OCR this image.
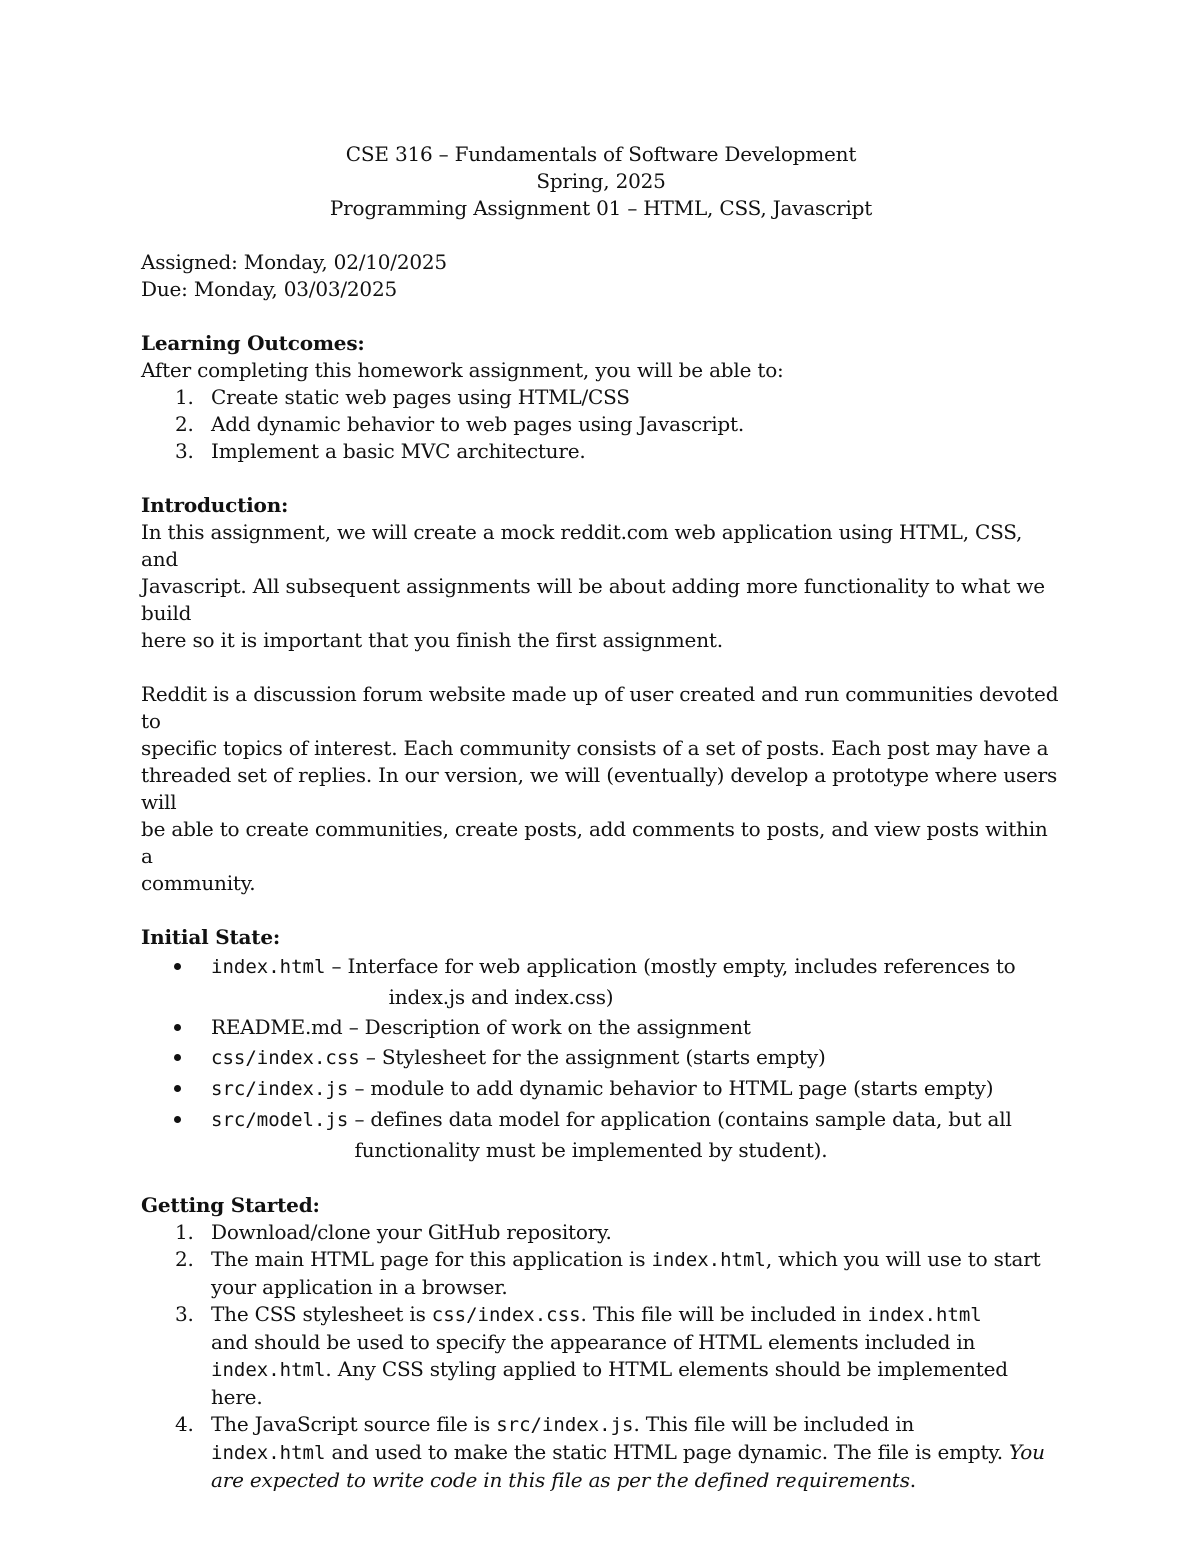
CSE 316 – Fundamentals of Software Development
Spring, 2025
Programming Assignment 01 – HTML, CSS, Javascript
Assigned: Monday, 02/10/2025
Due: Monday, 03/03/2025
Learning Outcomes:
After completing this homework assignment, you will be able to:
1. Create static web pages using HTML/CSS
2. Add dynamic behavior to web pages using Javascript.
3. Implement a basic MVC architecture.
Introduction:
In this assignment, we will create a mock reddit.com web application using HTML, CSS, and
Javascript. All subsequent assignments will be about adding more functionality to what we build
here so it is important that you finish the first assignment.
Reddit is a discussion forum website made up of user created and run communities devoted to
specific topics of interest. Each community consists of a set of posts. Each post may have a
threaded set of replies. In our version, we will (eventually) develop a prototype where users will
be able to create communities, create posts, add comments to posts, and view posts within a
community.
Initial State:
index.html – Interface for web application (mostly empty, includes references to
index.js and index.css)
README.md – Description of work on the assignment
css/index.css – Stylesheet for the assignment (starts empty)
src/index.js – module to add dynamic behavior to HTML page (starts empty)
src/model.js – defines data model for application (contains sample data, but all
functionality must be implemented by student).
Getting Started:
1. Download/clone your GitHub repository.
2. The main HTML page for this application is index.html, which you will use to start
your application in a browser.
3. The CSS stylesheet is css/index.css. This file will be included in index.html
and should be used to specify the appearance of HTML elements included in
index.html. Any CSS styling applied to HTML elements should be implemented
here.
4. The JavaScript source file is src/index.js. This file will be included in
index.html and used to make the static HTML page dynamic. The file is empty. You
are expected to write code in this file as per the defined requirements.
